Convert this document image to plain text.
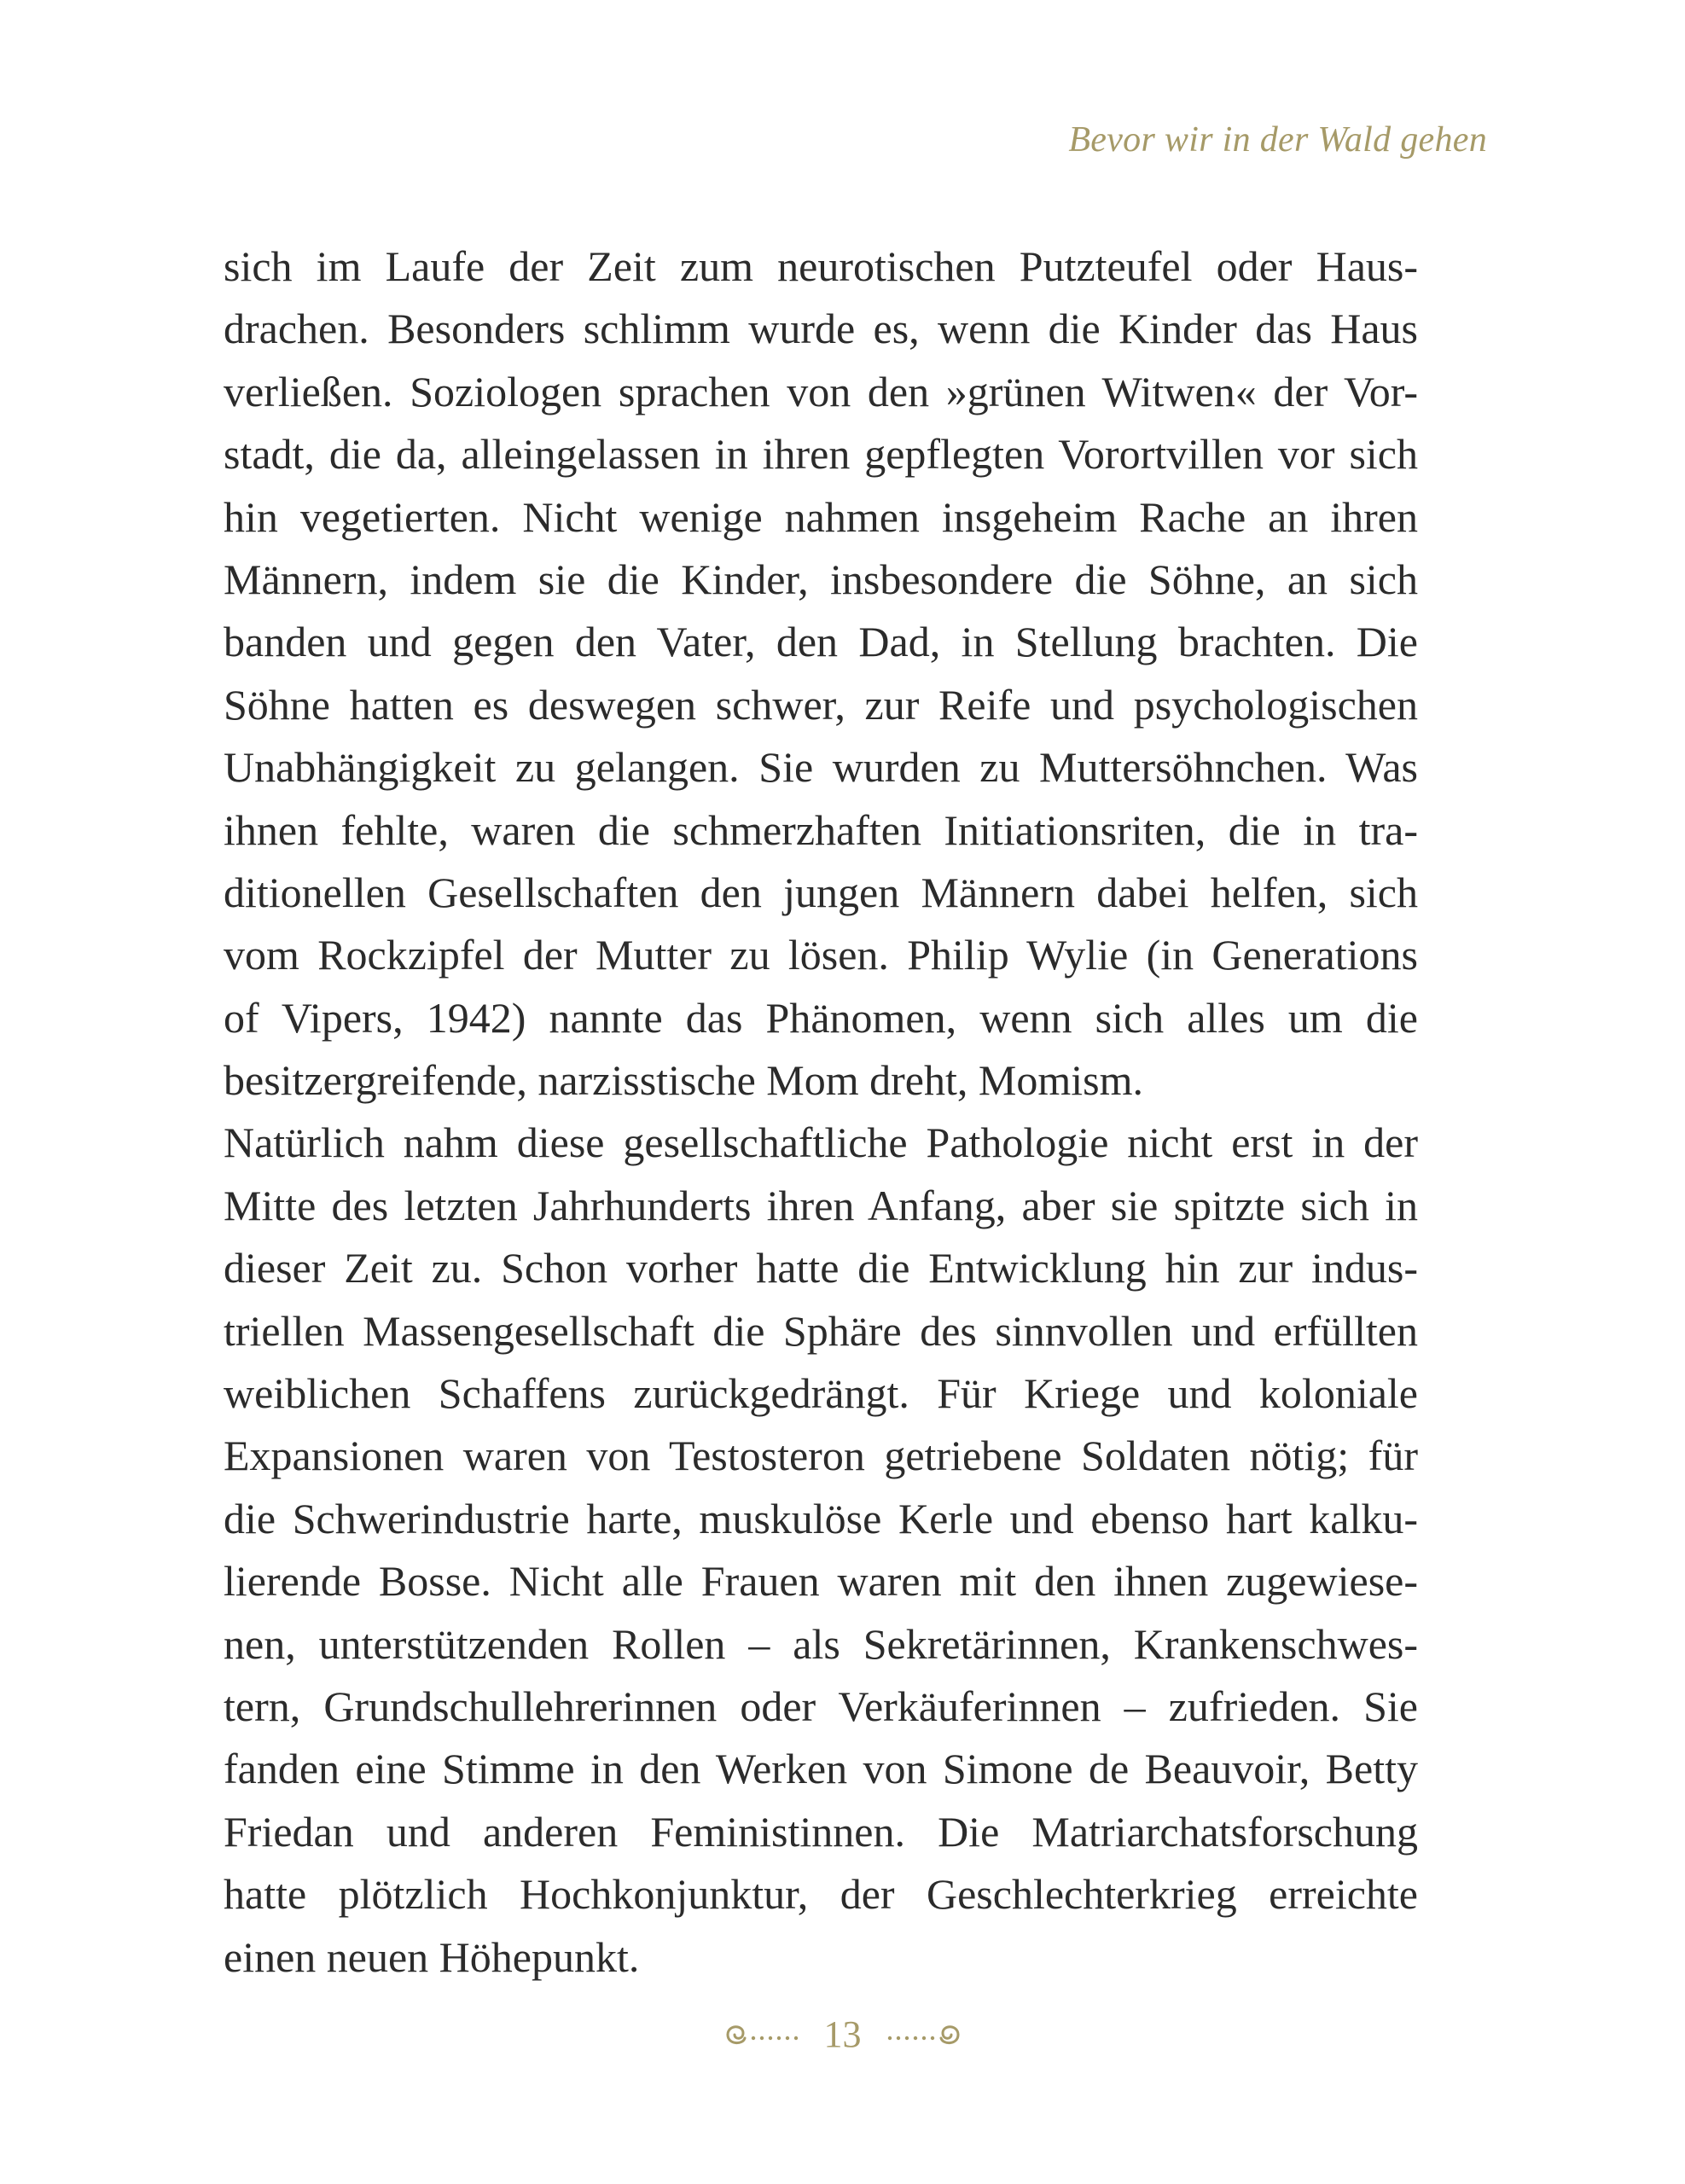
Bevor wir in der Wald gehen
sich im Laufe der Zeit zum neurotischen Putzteufel oder Haus-
drachen. Besonders schlimm wurde es, wenn die Kinder das Haus
verließen. Soziologen sprachen von den »grünen Witwen« der Vor-
stadt, die da, alleingelassen in ihren gepflegten Vorortvillen vor sich
hin vegetierten. Nicht wenige nahmen insgeheim Rache an ihren
Männern, indem sie die Kinder, insbesondere die Söhne, an sich
banden und gegen den Vater, den Dad, in Stellung brachten. Die
Söhne hatten es deswegen schwer, zur Reife und psychologischen
Unabhängigkeit zu gelangen. Sie wurden zu Muttersöhnchen. Was
ihnen fehlte, waren die schmerzhaften Initiationsriten, die in tra-
ditionellen Gesellschaften den jungen Männern dabei helfen, sich
vom Rockzipfel der Mutter zu lösen. Philip Wylie (in Generations
of Vipers, 1942) nannte das Phänomen, wenn sich alles um die
besitzergreifende, narzisstische Mom dreht, Momism.
Natürlich nahm diese gesellschaftliche Pathologie nicht erst in der
Mitte des letzten Jahrhunderts ihren Anfang, aber sie spitzte sich in
dieser Zeit zu. Schon vorher hatte die Entwicklung hin zur indus-
triellen Massengesellschaft die Sphäre des sinnvollen und erfüllten
weiblichen Schaffens zurückgedrängt. Für Kriege und koloniale
Expansionen waren von Testosteron getriebene Soldaten nötig; für
die Schwerindustrie harte, muskulöse Kerle und ebenso hart kalku-
lierende Bosse. Nicht alle Frauen waren mit den ihnen zugewiese-
nen, unterstützenden Rollen – als Sekretärinnen, Krankenschwes-
tern, Grundschullehrerinnen oder Verkäuferinnen – zufrieden. Sie
fanden eine Stimme in den Werken von Simone de Beauvoir, Betty
Friedan und anderen Feministinnen. Die Matriarchatsforschung
hatte plötzlich Hochkonjunktur, der Geschlechterkrieg erreichte
einen neuen Höhepunkt.
13
